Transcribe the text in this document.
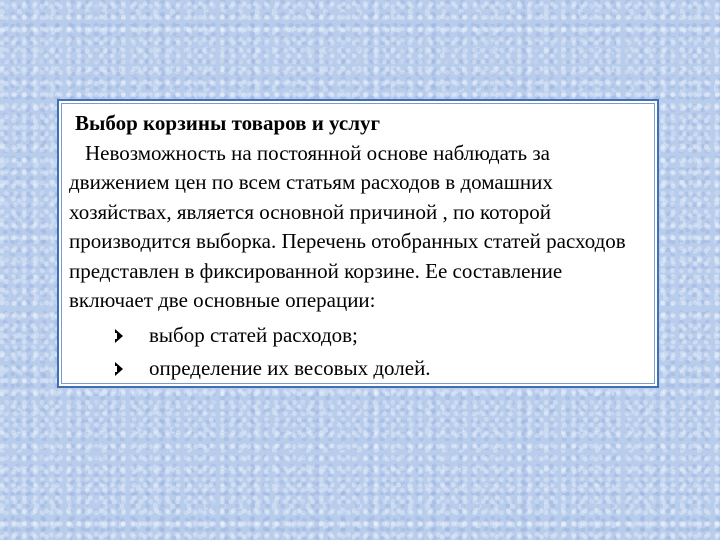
Выбор корзины товаров и услуг

Невозможность на постоянной основе наблюдать за движением цен по всем статьям расходов в домашних хозяйствах, является основной причиной , по которой производится выборка. Перечень отобранных статей расходов представлен в фиксированной корзине. Ее составление включает две основные операции:

выбор статей расходов;
определение их весовых долей.
